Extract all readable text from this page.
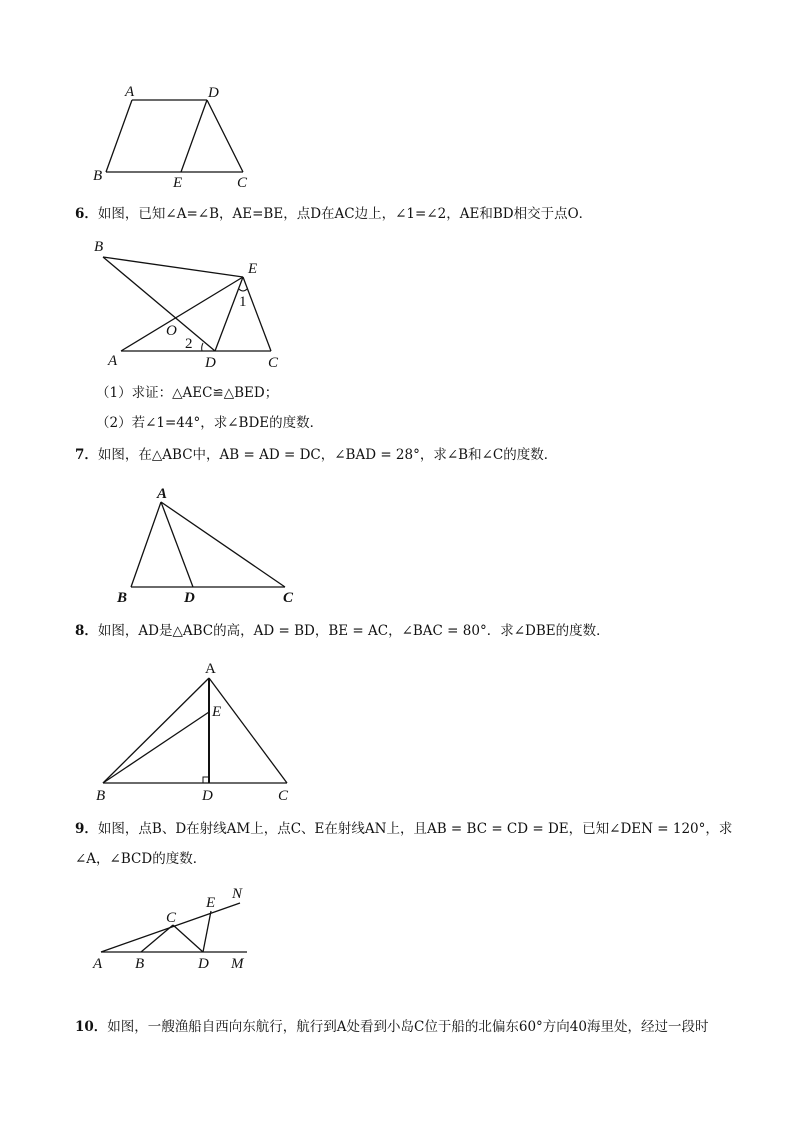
A	D
B	E	C
6．如图，已知∠A=∠B，AE=BE，点D在AC边上，∠1=∠2，AE和BD相交于点O．
B
E
1
O
2
A	D	C
（1）求证：△AEC≌△BED；
（2）若∠1=44°，求∠BDE的度数．
7．如图，在△ABC中，AB = AD = DC，∠BAD = 28°，求∠B和∠C的度数．
A
B	D	C
8．如图，AD是△ABC的高，AD = BD，BE = AC，∠BAC = 80°．求∠DBE的度数．
A
E
B	D	C
9．如图，点B、D在射线AM上，点C、E在射线AN上，且AB = BC = CD = DE，已知∠DEN = 120°，求
∠A，∠BCD的度数．
N
C
E
A B	D M
10．如图，一艘渔船自西向东航行，航行到A处看到小岛C位于船的北偏东60°方向40海里处，经过一段时
